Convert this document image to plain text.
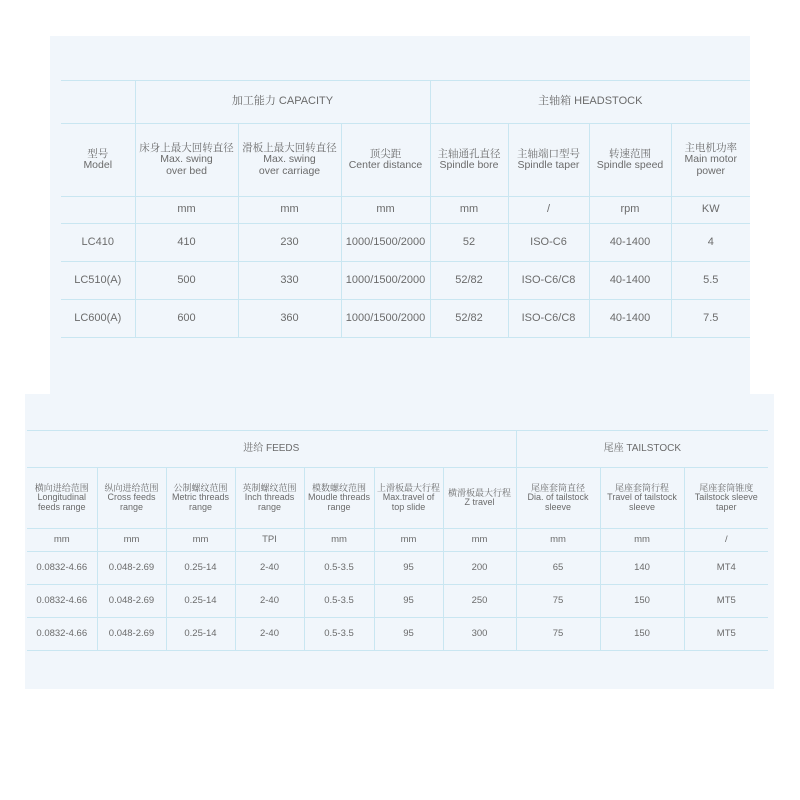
	加工能力 CAPACITY			主轴箱 HEADSTOCK			

型号
Model	床身上最大回转直径
Max. swing
over bed	滑板上最大回转直径
Max. swing
over carriage	顶尖距
Center distance	主轴通孔直径
Spindle bore	主轴端口型号
Spindle taper	转速范围
Spindle speed	主电机功率
Main motor
power

	mm	mm	mm	mm	/	rpm	KW
LC410	410	230	1000/1500/2000	52	ISO-C6	40-1400	4
LC510(A)	500	330	1000/1500/2000	52/82	ISO-C6/C8	40-1400	5.5
LC600(A)	600	360	1000/1500/2000	52/82	ISO-C6/C8	40-1400	7.5
进给 FEEDS							尾座 TAILSTOCK		

横向进给范围
Longitudinal
feeds range	纵向进给范围
Cross feeds
range	公制螺纹范围
Metric threads
range	英制螺纹范围
Inch threads
range	模数螺纹范围
Moudle threads
range	上滑板最大行程
Max.travel of
top slide	横滑板最大行程
Z travel	尾座套筒直径
Dia. of tailstock
sleeve	尾座套筒行程
Travel of tailstock
sleeve	尾座套筒锥度
Tailstock sleeve
taper

mm	mm	mm	TPI	mm	mm	mm	mm	mm	/
0.0832-4.66	0.048-2.69	0.25-14	2-40	0.5-3.5	95	200	65	140	MT4
0.0832-4.66	0.048-2.69	0.25-14	2-40	0.5-3.5	95	250	75	150	MT5
0.0832-4.66	0.048-2.69	0.25-14	2-40	0.5-3.5	95	300	75	150	MT5
